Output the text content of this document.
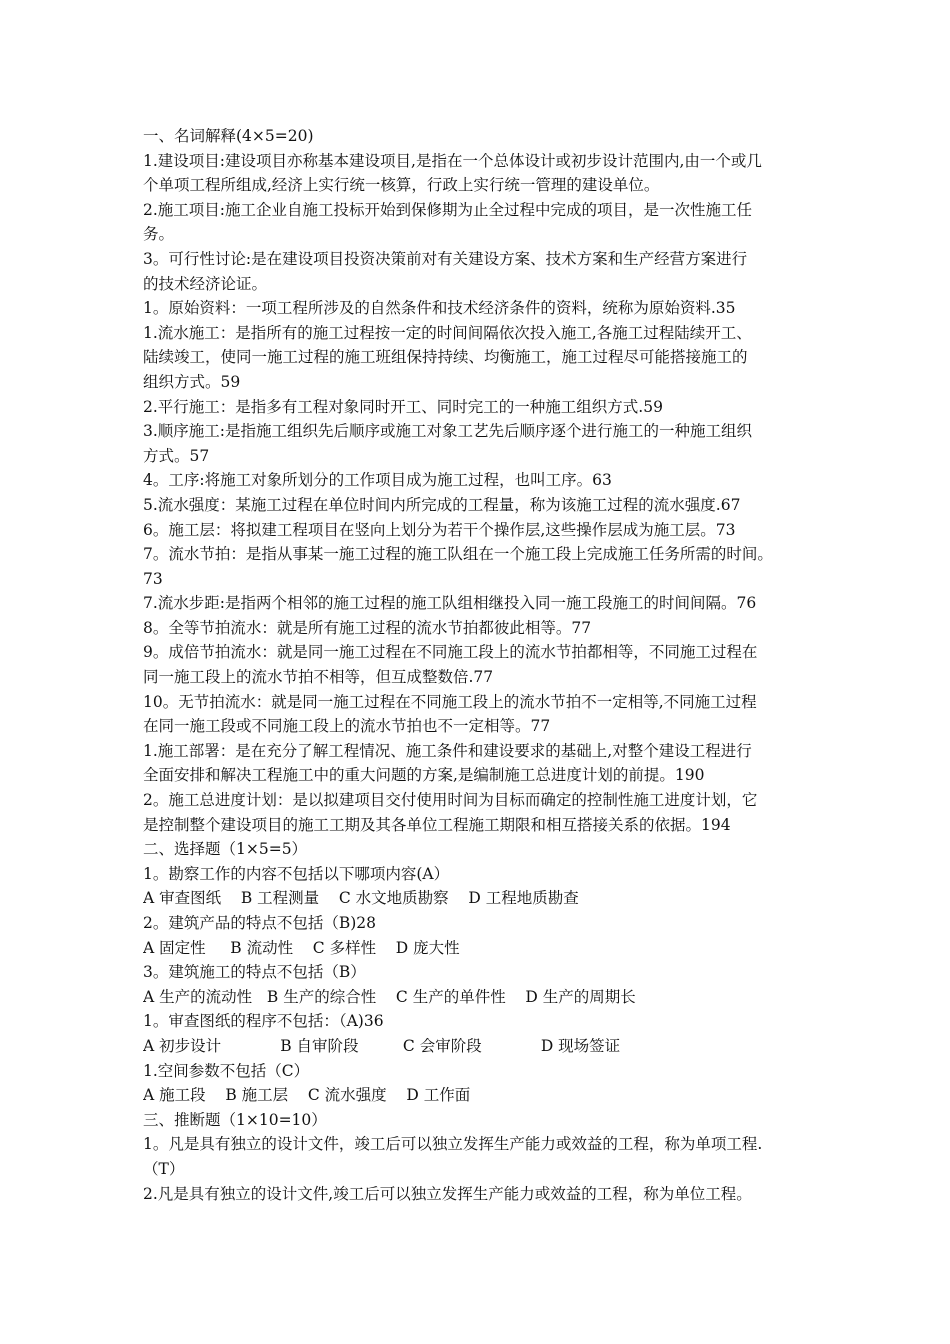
一、名词解释(4×5=20)
1.建设项目:建设项目亦称基本建设项目,是指在一个总体设计或初步设计范围内,由一个或几
个单项工程所组成,经济上实行统一核算，行政上实行统一管理的建设单位。
2.施工项目:施工企业自施工投标开始到保修期为止全过程中完成的项目，是一次性施工任
务。
3。可行性讨论:是在建设项目投资决策前对有关建设方案、技术方案和生产经营方案进行
的技术经济论证。
1。原始资料：一项工程所涉及的自然条件和技术经济条件的资料，统称为原始资料.35
1.流水施工：是指所有的施工过程按一定的时间间隔依次投入施工,各施工过程陆续开工、
陆续竣工，使同一施工过程的施工班组保持持续、均衡施工，施工过程尽可能搭接施工的
组织方式。59
2.平行施工：是指多有工程对象同时开工、同时完工的一种施工组织方式.59
3.顺序施工:是指施工组织先后顺序或施工对象工艺先后顺序逐个进行施工的一种施工组织
方式。57
4。工序:将施工对象所划分的工作项目成为施工过程，也叫工序。63
5.流水强度：某施工过程在单位时间内所完成的工程量，称为该施工过程的流水强度.67
6。施工层：将拟建工程项目在竖向上划分为若干个操作层,这些操作层成为施工层。73
7。流水节拍：是指从事某一施工过程的施工队组在一个施工段上完成施工任务所需的时间。
73
7.流水步距:是指两个相邻的施工过程的施工队组相继投入同一施工段施工的时间间隔。76
8。全等节拍流水：就是所有施工过程的流水节拍都彼此相等。77
9。成倍节拍流水：就是同一施工过程在不同施工段上的流水节拍都相等，不同施工过程在
同一施工段上的流水节拍不相等，但互成整数倍.77
10。无节拍流水：就是同一施工过程在不同施工段上的流水节拍不一定相等,不同施工过程
在同一施工段或不同施工段上的流水节拍也不一定相等。77
1.施工部署：是在充分了解工程情况、施工条件和建设要求的基础上,对整个建设工程进行
全面安排和解决工程施工中的重大问题的方案,是编制施工总进度计划的前提。190
2。施工总进度计划：是以拟建项目交付使用时间为目标而确定的控制性施工进度计划，它
是控制整个建设项目的施工工期及其各单位工程施工期限和相互搭接关系的依据。194
二、选择题（1×5=5）
1。勘察工作的内容不包括以下哪项内容(A）
A 审查图纸    B 工程测量    C 水文地质勘察    D 工程地质勘查
2。建筑产品的特点不包括（B)28
A 固定性     B 流动性    C 多样性    D 庞大性
3。建筑施工的特点不包括（B）
A 生产的流动性   B 生产的综合性    C 生产的单件性    D 生产的周期长
1。审查图纸的程序不包括：（A)36
A 初步设计            B 自审阶段         C 会审阶段            D 现场签证
1.空间参数不包括（C）
A 施工段    B 施工层    C 流水强度    D 工作面
三、推断题（1×10=10）
1。凡是具有独立的设计文件，竣工后可以独立发挥生产能力或效益的工程，称为单项工程.
（T）
2.凡是具有独立的设计文件,竣工后可以独立发挥生产能力或效益的工程，称为单位工程。
